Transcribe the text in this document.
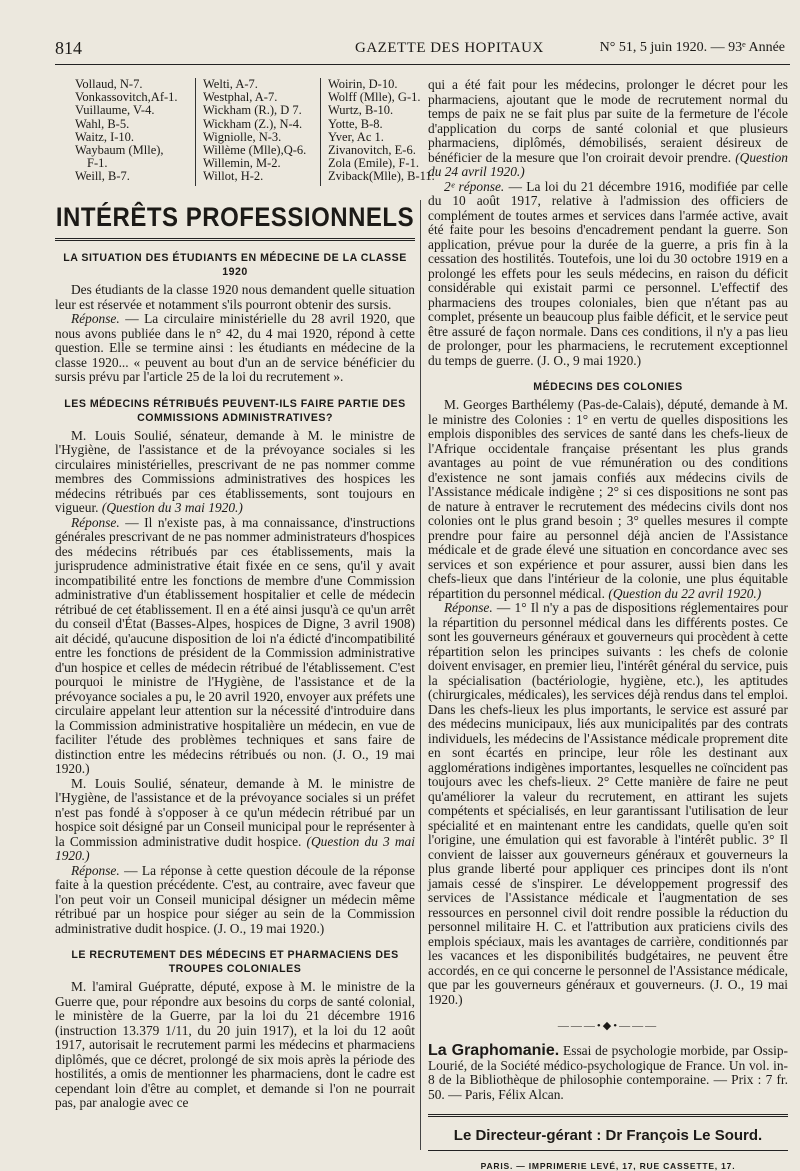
814	GAZETTE DES HOPITAUX	N° 51, 5 juin 1920. — 93ᵉ Année
Vollaud, N-7.
Vonkassovitch,Af-1.
Vuillaume, V-4.
Wahl, B-5.
Waitz, I-10.
Waybaum (Mlle),
F-1.
Weill, B-7.
Welti, A-7.
Westphal, A-7.
Wickham (R.), D 7.
Wickham (Z.), N-4.
Wigniolle, N-3.
Willème (Mlle),Q-6.
Willemin, M-2.
Willot, H-2.
Woirin, D-10.
Wolff (Mlle), G-1.
Wurtz, B-10.
Yotte, B-8.
Yver, Ac 1.
Zivanovitch, E-6.
Zola (Emile), F-1.
Zviback(Mlle), B-11.
INTÉRÊTS PROFESSIONNELS
LA SITUATION DES ÉTUDIANTS EN MÉDECINE DE LA CLASSE 1920

Des étudiants de la classe 1920 nous demandent quelle situation leur est réservée et notamment s'ils pourront obtenir des sursis.

Réponse. — La circulaire ministérielle du 28 avril 1920, que nous avons publiée dans le n° 42, du 4 mai 1920, répond à cette question. Elle se termine ainsi : les étudiants en médecine de la classe 1920... « peuvent au bout d'un an de service bénéficier du sursis prévu par l'article 25 de la loi du recrutement ».

LES MÉDECINS RÉTRIBUÉS PEUVENT-ILS FAIRE PARTIE DES COMMISSIONS ADMINISTRATIVES?

M. Louis Soulié, sénateur, demande à M. le ministre de l'Hygiène, de l'assistance et de la prévoyance sociales si les circulaires ministérielles, prescrivant de ne pas nommer comme membres des Commissions administratives des hospices les médecins rétribués par ces établissements, sont toujours en vigueur. (Question du 3 mai 1920.)

Réponse. — Il n'existe pas, à ma connaissance, d'instructions générales prescrivant de ne pas nommer administrateurs d'hospices des médecins rétribués par ces établissements, mais la jurisprudence administrative était fixée en ce sens, qu'il y avait incompatibilité entre les fonctions de membre d'une Commission administrative d'un établissement hospitalier et celle de médecin rétribué de cet établissement. Il en a été ainsi jusqu'à ce qu'un arrêt du conseil d'État (Basses-Alpes, hospices de Digne, 3 avril 1908) ait décidé, qu'aucune disposition de loi n'a édicté d'incompatibilité entre les fonctions de président de la Commission administrative d'un hospice et celles de médecin rétribué de l'établissement. C'est pourquoi le ministre de l'Hygiène, de l'assistance et de la prévoyance sociales a pu, le 20 avril 1920, envoyer aux préfets une circulaire appelant leur attention sur la nécessité d'introduire dans la Commission administrative hospitalière un médecin, en vue de faciliter l'étude des problèmes techniques et sans faire de distinction entre les médecins rétribués ou non. (J. O., 19 mai 1920.)

M. Louis Soulié, sénateur, demande à M. le ministre de l'Hygiène, de l'assistance et de la prévoyance sociales si un préfet n'est pas fondé à s'opposer à ce qu'un médecin rétribué par un hospice soit désigné par un Conseil municipal pour le représenter à la Commission administrative dudit hospice. (Question du 3 mai 1920.)

Réponse. — La réponse à cette question découle de la réponse faite à la question précédente. C'est, au contraire, avec faveur que l'on peut voir un Conseil municipal désigner un médecin même rétribué par un hospice pour siéger au sein de la Commission administrative dudit hospice. (J. O., 19 mai 1920.)

LE RECRUTEMENT DES MÉDECINS ET PHARMACIENS DES TROUPES COLONIALES

M. l'amiral Guépratte, député, expose à M. le ministre de la Guerre que, pour répondre aux besoins du corps de santé colonial, le ministère de la Guerre, par la loi du 21 décembre 1916 (instruction 13.379 1/11, du 20 juin 1917), et la loi du 12 août 1917, autorisait le recrutement parmi les médecins et pharmaciens diplômés, que ce décret, prolongé de six mois après la période des hostilités, a omis de mentionner les pharmaciens, dont le cadre est cependant loin d'être au complet, et demande si l'on ne pourrait pas, par analogie avec ce

qui a été fait pour les médecins, prolonger le décret pour les pharmaciens, ajoutant que le mode de recrutement normal du temps de paix ne se fait plus par suite de la fermeture de l'école d'application du corps de santé colonial et que plusieurs pharmaciens, diplômés, démobilisés, seraient désireux de bénéficier de la mesure que l'on croirait devoir prendre. (Question du 24 avril 1920.)

2ᵉ réponse. — La loi du 21 décembre 1916, modifiée par celle du 10 août 1917, relative à l'admission des officiers de complément de toutes armes et services dans l'armée active, avait été faite pour les besoins d'encadrement pendant la guerre. Son application, prévue pour la durée de la guerre, a pris fin à la cessation des hostilités. Toutefois, une loi du 30 octobre 1919 en a prolongé les effets pour les seuls médecins, en raison du déficit considérable qui existait parmi ce personnel. L'effectif des pharmaciens des troupes coloniales, bien que n'étant pas au complet, présente un beaucoup plus faible déficit, et le service peut être assuré de façon normale. Dans ces conditions, il n'y a pas lieu de prolonger, pour les pharmaciens, le recrutement exceptionnel du temps de guerre. (J. O., 9 mai 1920.)

MÉDECINS DES COLONIES

M. Georges Barthélemy (Pas-de-Calais), député, demande à M. le ministre des Colonies : 1° en vertu de quelles dispositions les emplois disponibles des services de santé dans les chefs-lieux de l'Afrique occidentale française présentant les plus grands avantages au point de vue rémunération ou des conditions d'existence ne sont jamais confiés aux médecins civils de l'Assistance médicale indigène ; 2° si ces dispositions ne sont pas de nature à entraver le recrutement des médecins civils dont nos colonies ont le plus grand besoin ; 3° quelles mesures il compte prendre pour faire au personnel déjà ancien de l'Assistance médicale et de grade élevé une situation en concordance avec ses services et son expérience et pour assurer, aussi bien dans les chefs-lieux que dans l'intérieur de la colonie, une plus équitable répartition du personnel médical. (Question du 22 avril 1920.)

Réponse. — 1° Il n'y a pas de dispositions réglementaires pour la répartition du personnel médical dans les différents postes. Ce sont les gouverneurs généraux et gouverneurs qui procèdent à cette répartition selon les principes suivants : les chefs de colonie doivent envisager, en premier lieu, l'intérêt général du service, puis la spécialisation (bactériologie, hygiène, etc.), les aptitudes (chirurgicales, médicales), les services déjà rendus dans tel emploi. Dans les chefs-lieux les plus importants, le service est assuré par des médecins municipaux, liés aux municipalités par des contrats individuels, les médecins de l'Assistance médicale proprement dite en sont écartés en principe, leur rôle les destinant aux agglomérations indigènes importantes, lesquelles ne coïncident pas toujours avec les chefs-lieux. 2° Cette manière de faire ne peut qu'améliorer la valeur du recrutement, en attirant les sujets compétents et spécialisés, en leur garantissant l'utilisation de leur spécialité et en maintenant entre les candidats, quelle qu'en soit l'origine, une émulation qui est favorable à l'intérêt public. 3° Il convient de laisser aux gouverneurs généraux et gouverneurs la plus grande liberté pour appliquer ces principes dont ils n'ont jamais cessé de s'inspirer. Le développement progressif des services de l'Assistance médicale et l'augmentation de ses ressources en personnel civil doit rendre possible la réduction du personnel militaire H. C. et l'attribution aux praticiens civils des emplois spéciaux, mais les avantages de carrière, conditionnés par les vacances et les disponibilités budgétaires, ne peuvent être accordés, en ce qui concerne le personnel de l'Assistance médicale, que par les gouverneurs généraux et gouverneurs. (J. O., 19 mai 1920.)

———•◆•———
La Graphomanie. Essai de psychologie morbide, par Ossip-Lourié, de la Société médico-psychologique de France. Un vol. in-8 de la Bibliothèque de philosophie contemporaine. — Prix : 7 fr. 50. — Paris, Félix Alcan.
Le Directeur-gérant : Dr François Le Sourd.
PARIS. — IMPRIMERIE LEVÉ, 17, RUE CASSETTE, 17.
